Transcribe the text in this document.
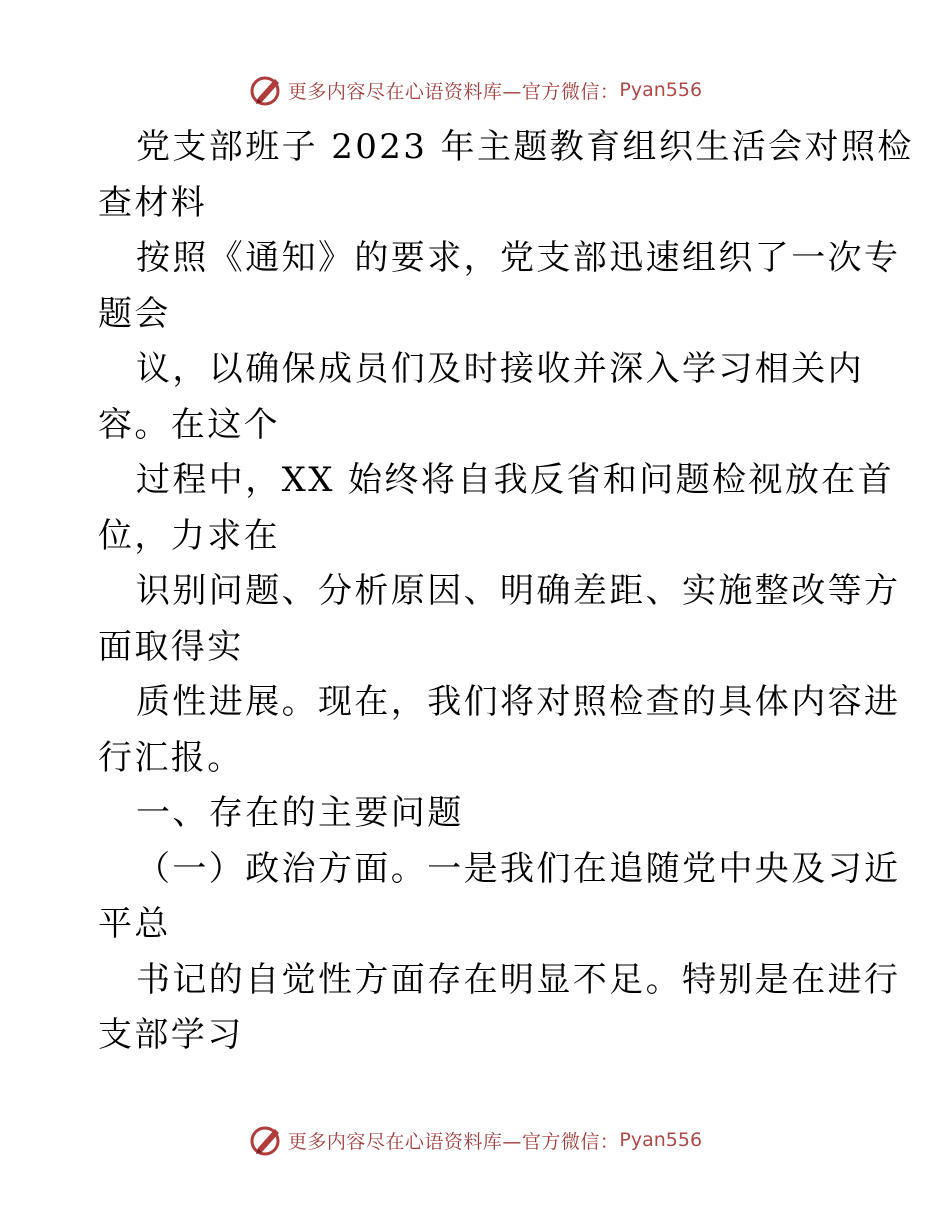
更多内容尽在心语资料库—官方微信： Pyan556
党支部班子 2023 年主题教育组织生活会对照检
查材料
按照《通知》的要求，党支部迅速组织了一次专
题会
议，以确保成员们及时接收并深入学习相关内
容。在这个
过程中，XX 始终将自我反省和问题检视放在首
位，力求在
识别问题、分析原因、明确差距、实施整改等方
面取得实
质性进展。现在，我们将对照检查的具体内容进
行汇报。
一、存在的主要问题
（一）政治方面。一是我们在追随党中央及习近
平总
书记的自觉性方面存在明显不足。特别是在进行
支部学习
更多内容尽在心语资料库—官方微信： Pyan556
